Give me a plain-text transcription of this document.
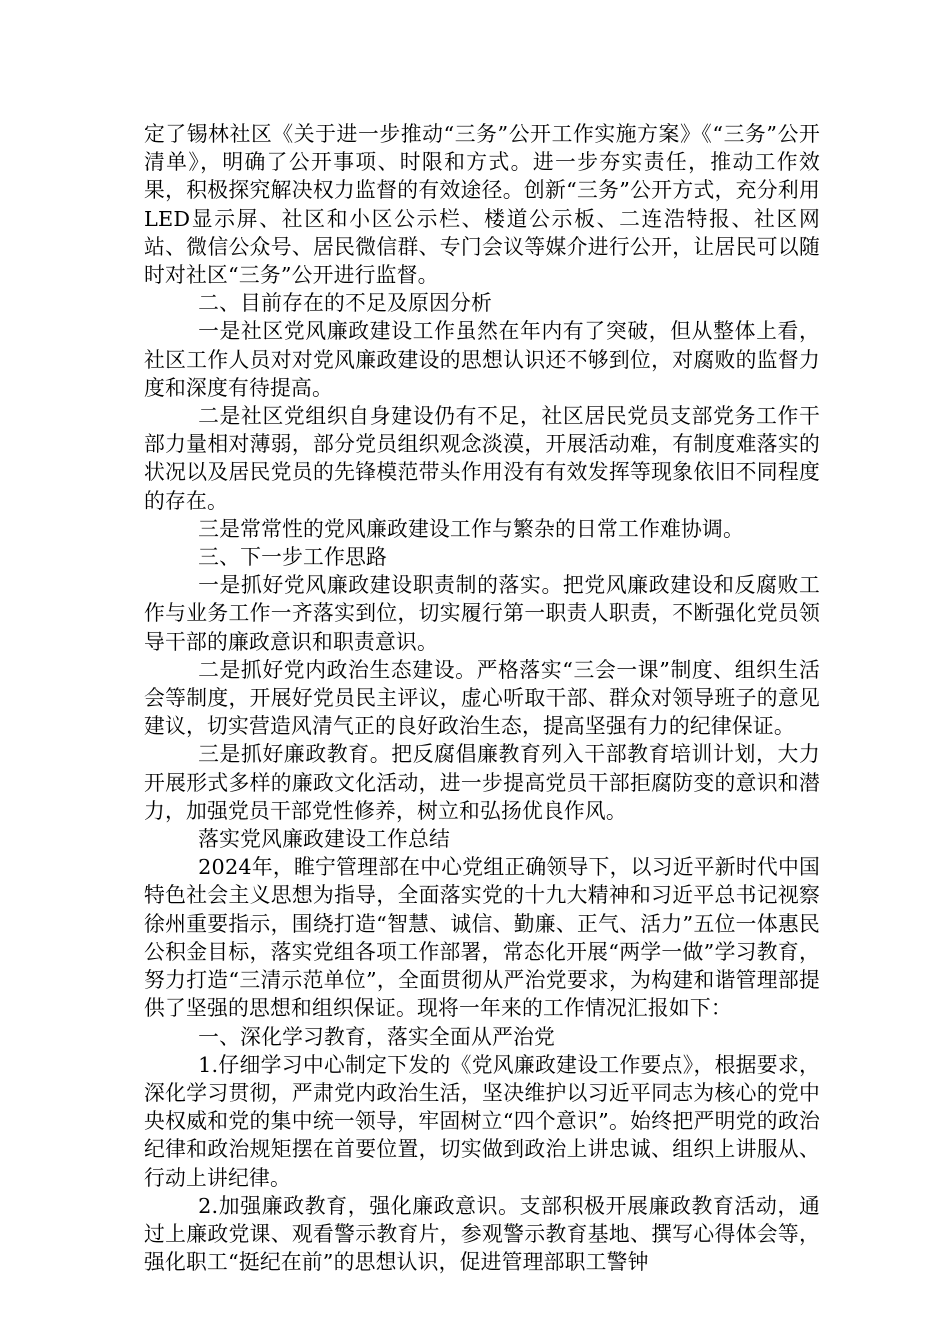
定了锡林社区《关于进一步推动“三务”公开工作实施方案》《“三务”公开清单》，明确了公开事项、时限和方式。进一步夯实责任，推动工作效果，积极探究解决权力监督的有效途径。创新“三务”公开方式，充分利用LED显示屏、社区和小区公示栏、楼道公示板、二连浩特报、社区网站、微信公众号、居民微信群、专门会议等媒介进行公开，让居民可以随时对社区“三务”公开进行监督。

二、目前存在的不足及原因分析

一是社区党风廉政建设工作虽然在年内有了突破，但从整体上看，社区工作人员对对党风廉政建设的思想认识还不够到位，对腐败的监督力度和深度有待提高。

二是社区党组织自身建设仍有不足，社区居民党员支部党务工作干部力量相对薄弱，部分党员组织观念淡漠，开展活动难，有制度难落实的状况以及居民党员的先锋模范带头作用没有有效发挥等现象依旧不同程度的存在。

三是常常性的党风廉政建设工作与繁杂的日常工作难协调。

三、下一步工作思路

一是抓好党风廉政建设职责制的落实。把党风廉政建设和反腐败工作与业务工作一齐落实到位，切实履行第一职责人职责，不断强化党员领导干部的廉政意识和职责意识。

二是抓好党内政治生态建设。严格落实“三会一课”制度、组织生活会等制度，开展好党员民主评议，虚心听取干部、群众对领导班子的意见建议，切实营造风清气正的良好政治生态，提高坚强有力的纪律保证。

三是抓好廉政教育。把反腐倡廉教育列入干部教育培训计划，大力开展形式多样的廉政文化活动，进一步提高党员干部拒腐防变的意识和潜力，加强党员干部党性修养，树立和弘扬优良作风。

落实党风廉政建设工作总结

2024年，睢宁管理部在中心党组正确领导下，以习近平新时代中国特色社会主义思想为指导，全面落实党的十九大精神和习近平总书记视察徐州重要指示，围绕打造“智慧、诚信、勤廉、正气、活力”五位一体惠民公积金目标，落实党组各项工作部署，常态化开展“两学一做”学习教育，努力打造“三清示范单位”，全面贯彻从严治党要求，为构建和谐管理部提供了坚强的思想和组织保证。现将一年来的工作情况汇报如下：

一、深化学习教育，落实全面从严治党

1.仔细学习中心制定下发的《党风廉政建设工作要点》，根据要求，深化学习贯彻，严肃党内政治生活，坚决维护以习近平同志为核心的党中央权威和党的集中统一领导，牢固树立“四个意识”。始终把严明党的政治纪律和政治规矩摆在首要位置，切实做到政治上讲忠诚、组织上讲服从、行动上讲纪律。

2.加强廉政教育，强化廉政意识。支部积极开展廉政教育活动，通过上廉政党课、观看警示教育片，参观警示教育基地、撰写心得体会等，强化职工“挺纪在前”的思想认识，促进管理部职工警钟
